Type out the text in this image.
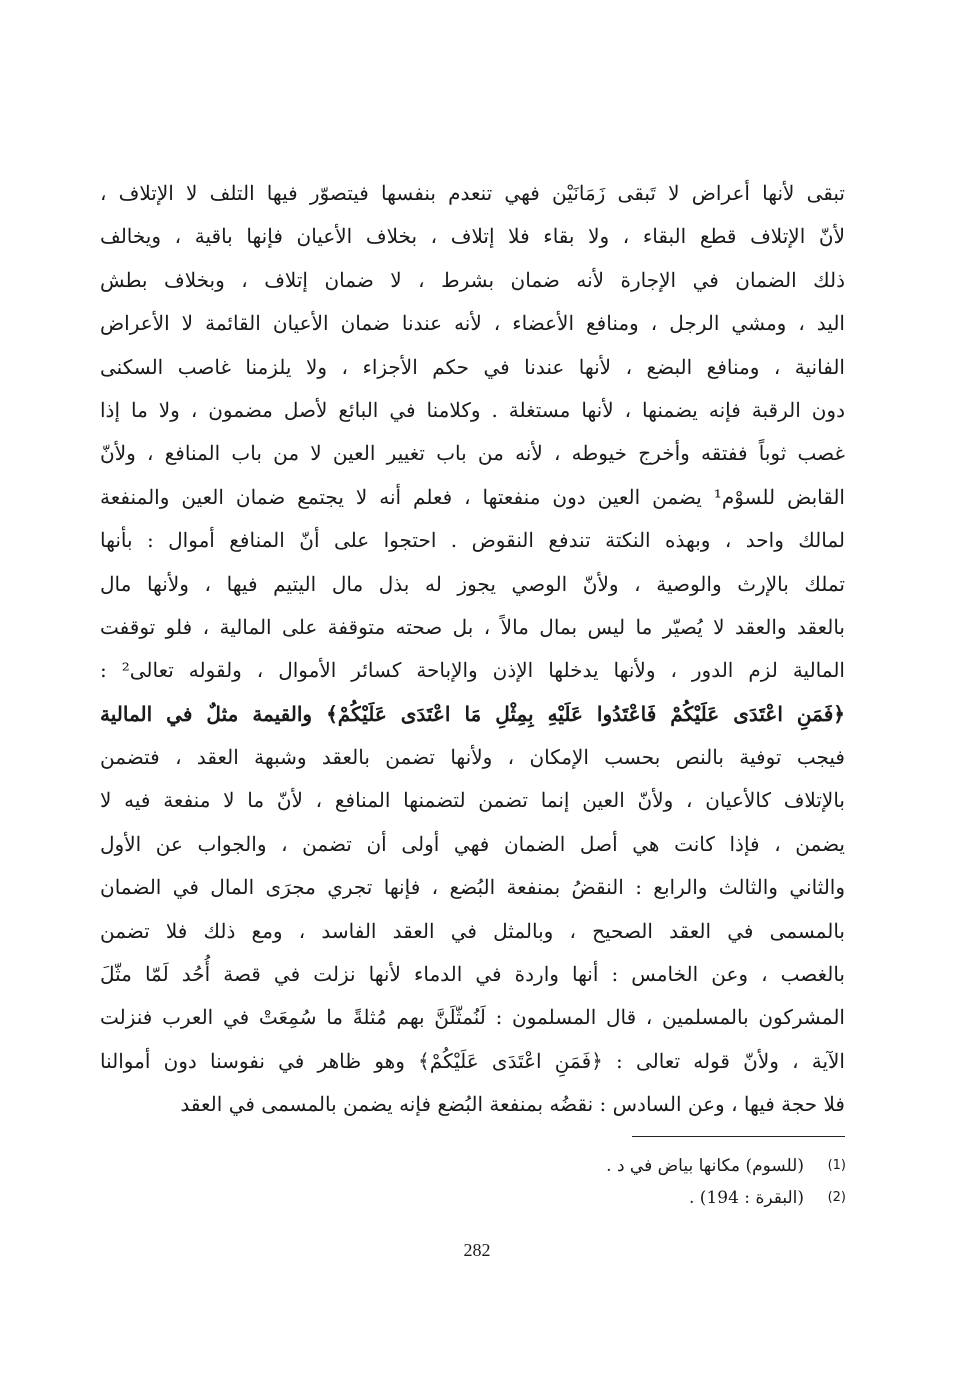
تبقى لأنها أعراض لا تَبقى زَمَانَيْن فهي تنعدم بنفسها فيتصوّر فيها التلف لا الإتلاف ،
لأنّ الإتلاف قطع البقاء ، ولا بقاء فلا إتلاف ، بخلاف الأعيان فإنها باقية ، ويخالف
ذلك الضمان في الإجارة لأنه ضمان بشرط ، لا ضمان إتلاف ، وبخلاف بطش
اليد ، ومشي الرجل ، ومنافع الأعضاء ، لأنه عندنا ضمان الأعيان القائمة لا الأعراض
الفانية ، ومنافع البضع ، لأنها عندنا في حكم الأجزاء ، ولا يلزمنا غاصب السكنى
دون الرقبة فإنه يضمنها ، لأنها مستغلة . وكلامنا في البائع لأصل مضمون ، ولا ما إذا
غصب ثوباً ففتقه وأخرج خيوطه ، لأنه من باب تغيير العين لا من باب المنافع ، ولأنّ
القابض للسوْم¹ يضمن العين دون منفعتها ، فعلم أنه لا يجتمع ضمان العين والمنفعة
لمالك واحد ، وبهذه النكتة تندفع النقوض . احتجوا على أنّ المنافع أموال : بأنها
تملك بالإرث والوصية ، ولأنّ الوصي يجوز له بذل مال اليتيم فيها ، ولأنها مال
بالعقد والعقد لا يُصيّر ما ليس بمال مالاً ، بل صحته متوقفة على المالية ، فلو توقفت
المالية لزم الدور ، ولأنها يدخلها الإذن والإباحة كسائر الأموال ، ولقوله تعالى² :
﴿فَمَنِ اعْتَدَى عَلَيْكُمْ فَاعْتَدُوا عَلَيْهِ بِمِثْلِ مَا اعْتَدَى عَلَيْكُمْ﴾ والقيمة مثلٌ في المالية
فيجب توفية بالنص بحسب الإمكان ، ولأنها تضمن بالعقد وشبهة العقد ، فتضمن
بالإتلاف كالأعيان ، ولأنّ العين إنما تضمن لتضمنها المنافع ، لأنّ ما لا منفعة فيه لا
يضمن ، فإذا كانت هي أصل الضمان فهي أولى أن تضمن ، والجواب عن الأول
والثاني والثالث والرابع : النقضُ بمنفعة البُضع ، فإنها تجري مجرَى المال في الضمان
بالمسمى في العقد الصحيح ، وبالمثل في العقد الفاسد ، ومع ذلك فلا تضمن
بالغصب ، وعن الخامس : أنها واردة في الدماء لأنها نزلت في قصة أُحُد لَمّا مثّلَ
المشركون بالمسلمين ، قال المسلمون : لَنُمثّلَنَّ بهم مُثلةً ما سُمِعَتْ في العرب فنزلت
الآية ، ولأنّ قوله تعالى : ﴿فَمَنِ اعْتَدَى عَلَيْكُمْ﴾ وهو ظاهر في نفوسنا دون أموالنا
فلا حجة فيها ، وعن السادس : نقضُه بمنفعة البُضع فإنه يضمن بالمسمى في العقد
(1)
(للسوم) مكانها بياض في د .
(2)
(البقرة : 194) .
282
